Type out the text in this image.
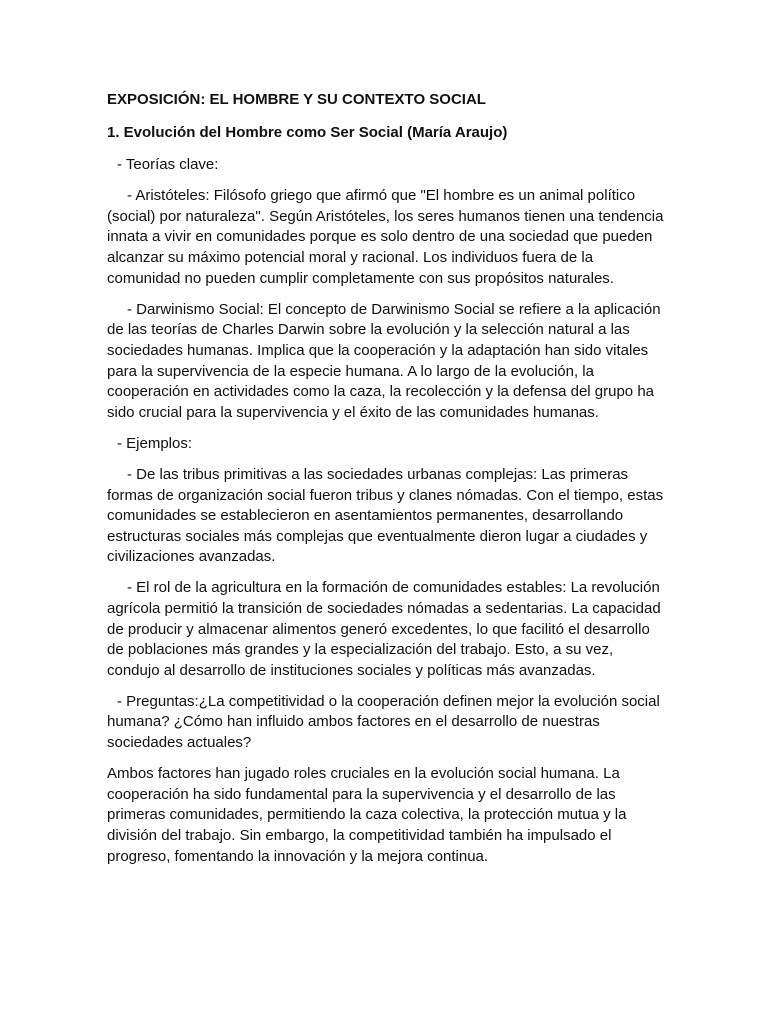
EXPOSICIÓN: EL HOMBRE Y SU CONTEXTO SOCIAL

1. Evolución del Hombre como Ser Social (María Araujo)

- Teorías clave:

- Aristóteles: Filósofo griego que afirmó que "El hombre es un animal político (social) por naturaleza". Según Aristóteles, los seres humanos tienen una tendencia innata a vivir en comunidades porque es solo dentro de una sociedad que pueden alcanzar su máximo potencial moral y racional. Los individuos fuera de la comunidad no pueden cumplir completamente con sus propósitos naturales.

- Darwinismo Social: El concepto de Darwinismo Social se refiere a la aplicación de las teorías de Charles Darwin sobre la evolución y la selección natural a las sociedades humanas. Implica que la cooperación y la adaptación han sido vitales para la supervivencia de la especie humana. A lo largo de la evolución, la cooperación en actividades como la caza, la recolección y la defensa del grupo ha sido crucial para la supervivencia y el éxito de las comunidades humanas.

- Ejemplos:

- De las tribus primitivas a las sociedades urbanas complejas: Las primeras formas de organización social fueron tribus y clanes nómadas. Con el tiempo, estas comunidades se establecieron en asentamientos permanentes, desarrollando estructuras sociales más complejas que eventualmente dieron lugar a ciudades y civilizaciones avanzadas.

- El rol de la agricultura en la formación de comunidades estables: La revolución agrícola permitió la transición de sociedades nómadas a sedentarias. La capacidad de producir y almacenar alimentos generó excedentes, lo que facilitó el desarrollo de poblaciones más grandes y la especialización del trabajo. Esto, a su vez, condujo al desarrollo de instituciones sociales y políticas más avanzadas.

- Preguntas:¿La competitividad o la cooperación definen mejor la evolución social humana? ¿Cómo han influido ambos factores en el desarrollo de nuestras sociedades actuales?

Ambos factores han jugado roles cruciales en la evolución social humana. La cooperación ha sido fundamental para la supervivencia y el desarrollo de las primeras comunidades, permitiendo la caza colectiva, la protección mutua y la división del trabajo. Sin embargo, la competitividad también ha impulsado el progreso, fomentando la innovación y la mejora continua.
